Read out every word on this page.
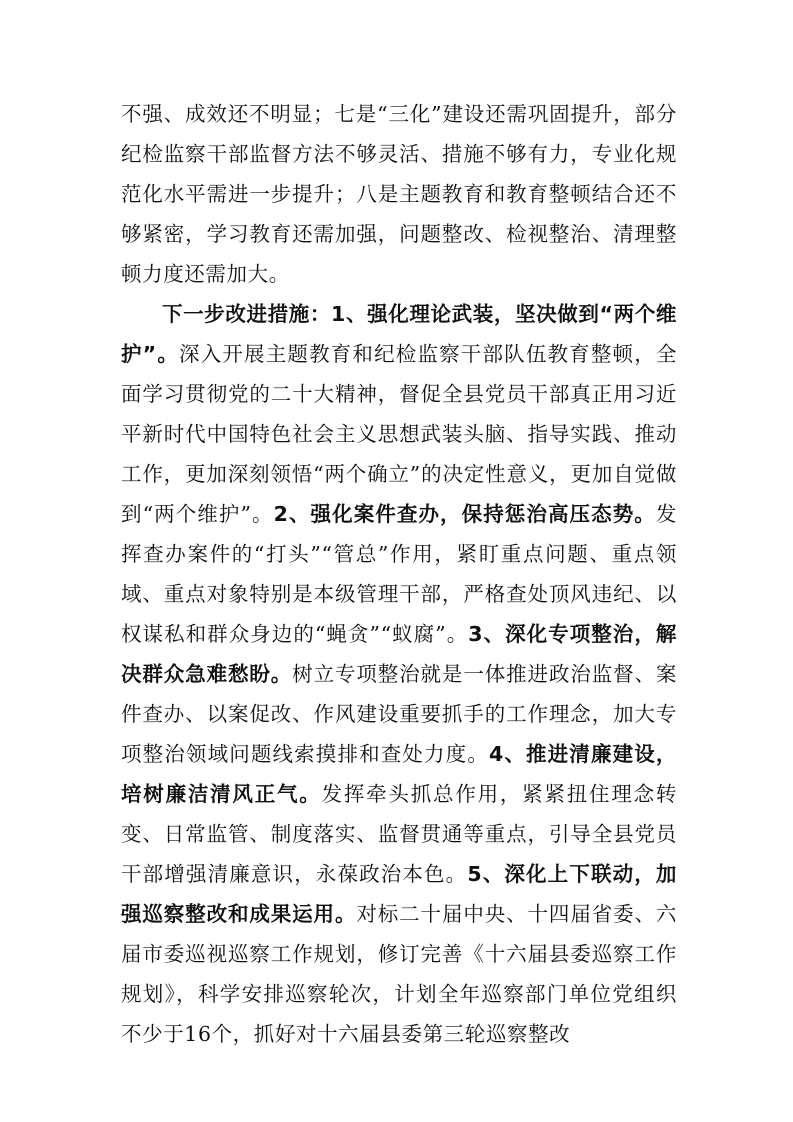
不强、成效还不明显；七是“三化”建设还需巩固提升，部分纪检监察干部监督方法不够灵活、措施不够有力，专业化规范化水平需进一步提升；八是主题教育和教育整顿结合还不够紧密，学习教育还需加强，问题整改、检视整治、清理整顿力度还需加大。

下一步改进措施：1、强化理论武装，坚决做到“两个维护”。深入开展主题教育和纪检监察干部队伍教育整顿，全面学习贯彻党的二十大精神，督促全县党员干部真正用习近平新时代中国特色社会主义思想武装头脑、指导实践、推动工作，更加深刻领悟“两个确立”的决定性意义，更加自觉做到“两个维护”。2、强化案件查办，保持惩治高压态势。发挥查办案件的“打头”“管总”作用，紧盯重点问题、重点领域、重点对象特别是本级管理干部，严格查处顶风违纪、以权谋私和群众身边的“蝇贪”“蚁腐”。3、深化专项整治，解决群众急难愁盼。树立专项整治就是一体推进政治监督、案件查办、以案促改、作风建设重要抓手的工作理念，加大专项整治领域问题线索摸排和查处力度。4、推进清廉建设，培树廉洁清风正气。发挥牵头抓总作用，紧紧扭住理念转变、日常监管、制度落实、监督贯通等重点，引导全县党员干部增强清廉意识，永葆政治本色。5、深化上下联动，加强巡察整改和成果运用。对标二十届中央、十四届省委、六届市委巡视巡察工作规划，修订完善《十六届县委巡察工作规划》，科学安排巡察轮次，计划全年巡察部门单位党组织不少于16个，抓好对十六届县委第三轮巡察整改
